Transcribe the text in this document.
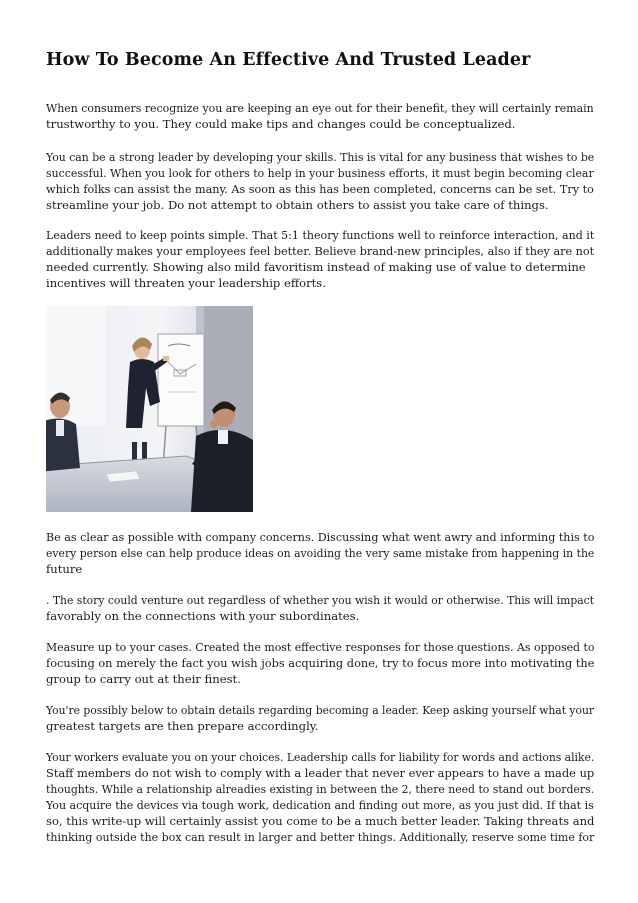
How To Become An Effective And Trusted Leader

When consumers recognize you are keeping an eye out for their benefit, they will certainly remain
trustworthy to you. They could make tips and changes could be conceptualized.

You can be a strong leader by developing your skills. This is vital for any business that wishes to be
successful. When you look for others to help in your business efforts, it must begin becoming clear
which folks can assist the many. As soon as this has been completed, concerns can be set. Try to
streamline your job. Do not attempt to obtain others to assist you take care of things.

Leaders need to keep points simple. That 5:1 theory functions well to reinforce interaction, and it
additionally makes your employees feel better. Believe brand-new principles, also if they are not
needed currently. Showing also mild favoritism instead of making use of value to determine
incentives will threaten your leadership efforts.

Be as clear as possible with company concerns. Discussing what went awry and informing this to
every person else can help produce ideas on avoiding the very same mistake from happening in the
future

. The story could venture out regardless of whether you wish it would or otherwise. This will impact
favorably on the connections with your subordinates.

Measure up to your cases. Created the most effective responses for those questions. As opposed to
focusing on merely the fact you wish jobs acquiring done, try to focus more into motivating the
group to carry out at their finest.

You're possibly below to obtain details regarding becoming a leader. Keep asking yourself what your
greatest targets are then prepare accordingly.

Your workers evaluate you on your choices. Leadership calls for liability for words and actions alike.
Staff members do not wish to comply with a leader that never ever appears to have a made up
thoughts. While a relationship alreadies existing in between the 2, there need to stand out borders.
You acquire the devices via tough work, dedication and finding out more, as you just did. If that is
so, this write-up will certainly assist you come to be a much better leader. Taking threats and
thinking outside the box can result in larger and better things. Additionally, reserve some time for
